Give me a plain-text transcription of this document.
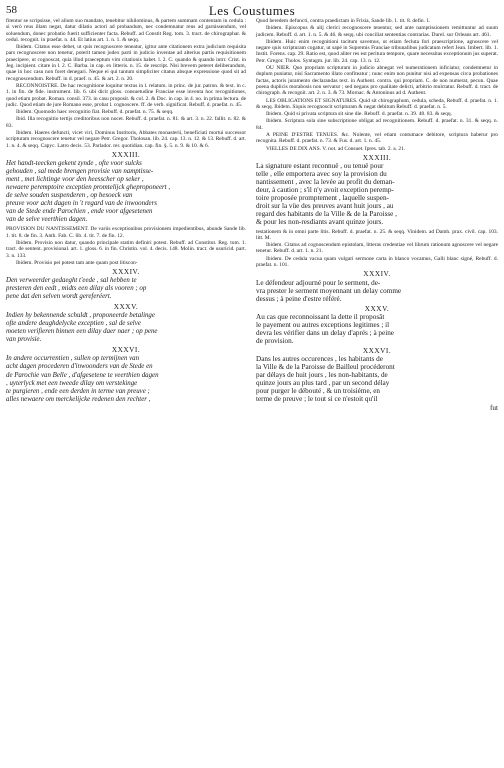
58	Les Coustumes

fitentur se scripsisse, vel alium suo mandato, tenebitur nihilominus, & partem summam contentam in cedula : si verò reus illam negat, datur dilatio actori ad probandum, nec condemnatur reus ad garnissendum, vel soluendum, donec probatio fuerit sufficienter facta. Rebuff. ad Constit Reg. tom. 3. tract. de chirographar. & cedul. recognit. in praefat. n. 44. Et latius art. 1. n. 1. & seqq.

Ibidem. Citatus esse debet, ut quis recognoscere teneatur, igitur ante citationem extra judicium requisita pars recognoscere non tenetur, poterit tamen judex parti in judicio inventae ad alterius partis requisitionem praecipere, ut cognoscat, quia illud praeceptum vim citationis habet. l. 2. C. quando & quando intrr. Crist. in Jeg. incipient. citare in l. 2. C. Barba. in cap. ex litteris. n. 15. de rescript. Nisi brevem peteret deliberandum, quae in hoc casu non foret denegari. Neque ei qui tantum simpliciter citatus absque expressione quod sit ad recognoscendum. Rebuff. in d. praef. n. 45. & art. 2. n. 20.

RECONNOISTRE. De hac recognitione loquitur textus in l. relatum. in princ. de jur. patron. & text. in c. 1. in fin. de fide. instrument. lib. 6. ubi dicit gloss. consuetudine Franciae esse inventa hoc recognitiones, quod etiam probat. Roman. consil. 373. in casu proposit. & col. 2. & Doc. in cap. in 4. no. in prima lectura. de judic. Quod etiam de jure Romano esse, probat l. cognoscere. ff. de verb. significat. Rebuff. d. praefat. n. 45.

Ibidem. Quomodo haec recognitio fiat. Rebuff. d. praefat. n. 75. & seqq.

Ibid. Illa recognitio tertijs creditoribus non nocet. Rebuff. d. praefat. n. 81. & art. 3. n. 22. fallit. n. 82. & 83.

Ibidem. Haeres defuncti, vicet viri, Dominus Institoris, Abbates monasterii, beneficiati mortui successor scripturam recognoscere tenetur vel negare Petr. Gregor. Tholosan. lib. 24. cap. 13. n. 12. & 13. Rebuff. d. art. 1. n. 4. & seqq. Capyc. Latro decis. 53. Parlador. rer. quotidian. cap. fin. §. 5. n. 9. & 10. & 6.

XXXIII.
Het handt-teecken gekent zynde , ofte voor sulcks
gehouden , sal mede brengen provisie van namptisse-
ment , met lichtinge voor den heesscher op seker ,
newaere peremptoire exceptien promtelijck gheproponeert ,
de selve souden suspenderen , op besoeck van
preuve voor acht dagen in 't regard van de inwoonders
van de Stede ende Parochien , ende voor afgesetenen
van de selve veerthien dagen.

PROVISION DU NANTISSEMENT. De variis exceptionibus provisionem impedientibus, abunde Sande lib. 1. tit. 8. de fin. 3. Anth. Fab. C. lib. 4. tit. 7. de fin. 12.

Ibidem. Provisio non datur, quando principale statim definiri potest. Rebuff. ad Constitut. Reg. tom. 1. tract. de sentent. provisional. art. 1. gloss. 6. in fin. Christin. vol. 4. decis. 148. Molin. tract. de usuricid. part. 3. n. 133.

Ibidem. Provisio pei potest tam ante quam post litiscon-

XXXIV.
Den verweerder gedaeght t'eede , sal hebben te
presteren den eedt , midts een dilay als vooren ; op
pene dat den selven wordt gereferéert.
XXXV.
Indien hy bekennende schuldt , proponeerde betalinge
ofte andere deughdelycke exceptien , sal de selve
moeten verifieren binnen een dilay daer naer ; op pene
van provisie.
XXXVI.
In andere occurrentien , sullen op termijnen van
acht dagen procederen d'inwoonders van de Stede en
de Parochie van Belle , d'afgesetene te veerthien dagen
, uyterlyck met een tweede dilay om verstekinge
te purgieren , ende een derden in terme van preuve ;
alles newaere om merckelijcke redenen den rechter ,

Quod heredem defuncti, contra praedictam in Frisia, Sande lib. 1. tit. 8. defin. 1.

Ibidem. Episcopus & alij clerici recognoscere tenentur, sed ante namptissionem remittuntur ad suum judicem. Rebuff. d. art. 1. n. 5. & 46. & seqq. ubi conciliat sententias contrarias. Durel. sur Orleans art. 461.

Ibidem. Huic enim recognitioni tacitum savemus, ut etiam fecluta fori praescriptione, agnoscere vel negare quis scripturam cogatur, ut sapé in Supremis Franciae tribunalibus judicatum refert Jean. Imbert. lib. 1. Instit. Forens. cap. 29. Ratio est, quod aliter res est peritura tempore, quare necessitas exceptionum jus superat. Petr. Gregor. Tholos. Syntagm. jur. lib. 24. cap. 13. n. 12.

OU NIER. Quo propriam scripturam in judicio abnegat vel numerationem inficiatur, condemnetur in duplum puniatur, nisi Sacramento illato confiteatur ; nunc enim non punitur nisi ad expensas circa probationes factas, actoris juramento declarandas text. in Authent. contra. qui propriam. C. de non numerat, pecun. Quae poena duplicis morabosis non servatur ; sed negans pro qualitate delicti, arbitrio mulctatur. Rebuff. d. tract. de chirograph. & recognit. art. 2. n. 3. & 73. Mornac. & Antoninus ad d. Authent.

LES OBLIGATIONS ET SIGNATURES. Quid sit chirographum, cedula, scheda, Rebuff. d. praefat. n. 1. & seqq. Ibidem. Siquis recognoscit scripturam & negat debitum Rebuff. d. praefat. n. 5.

Ibidem. Quid si privata scriptura sit sine die. Rebuff. d. praefat. n. 39. 48. 83. & seqq.

Ibidem. Scriptura sola sine subscriptione obligat ad recognitionem. Rebuff. d. praefat. n. 31. & seqq. n. 84.

A PEINE D'ESTRE TENUES. &c. Nolente, vel etiam contumace debitore, scriptura haberur pro recognita. Rebuff. d. praefat. n. 73. & Fus. d. art. 1. n. 45.

VIELLES DE DIX ANS. V. not. ad Consuet. Ipres. tab. 2. a. 21.

XXXIII.
La signature estant reconnuë , ou tenuë pour
telle , elle emportera avec soy la provision du
nantissement , avec la levée au profit du deman-
deur, à caution ; s'il n'y avoit exception peremp-
toire proposée promptement , laquelle suspen-
droit sur la vüe des preuves avant huit jours , au
regard des habitants de la Ville & de la Paroisse ,
& pour les non-resdiants avant quinze jours.

testationem & in omni parte litis. Rebuff. d. praefat. n. 25. & seqq. Vinidem. ad Damh. prax. civil. cap. 103. litt. M.

Ibidem. Citatus ad cognoscendum epistolam, litteras credentiae vel librum rationum agnoscere vel negare tenetur. Rebuff. d. art. 1. n. 21.

Ibidem. De cedula vacua quam vulgari sermone carta in blanco vocamus, Galli blanc signé, Rebuff. d. praefat. n. 101.

XXXIV.
Le défendeur adjourné pour le serment, de-
vra prester le serment moyennant un delay comme
dessus ; à peine d'estre référé.
XXXV.
Au cas que reconnoissant la dette il proposât
le payement ou autres exceptions legitimes ; il
devra les vérifier dans un delay d'aprés ; à peine
de provision.
XXXVI.
Dans les autres occurences , les habitants de
la Ville & de la Paroisse de Bailleul procéderont
par délays de huit jours , les non-habitants, de
quinze jours au plus tard , par un second délay
pour purger le débouté , & un troisiéme, en
terme de preuve ; le tout si ce n'estoit qu'il
fut
